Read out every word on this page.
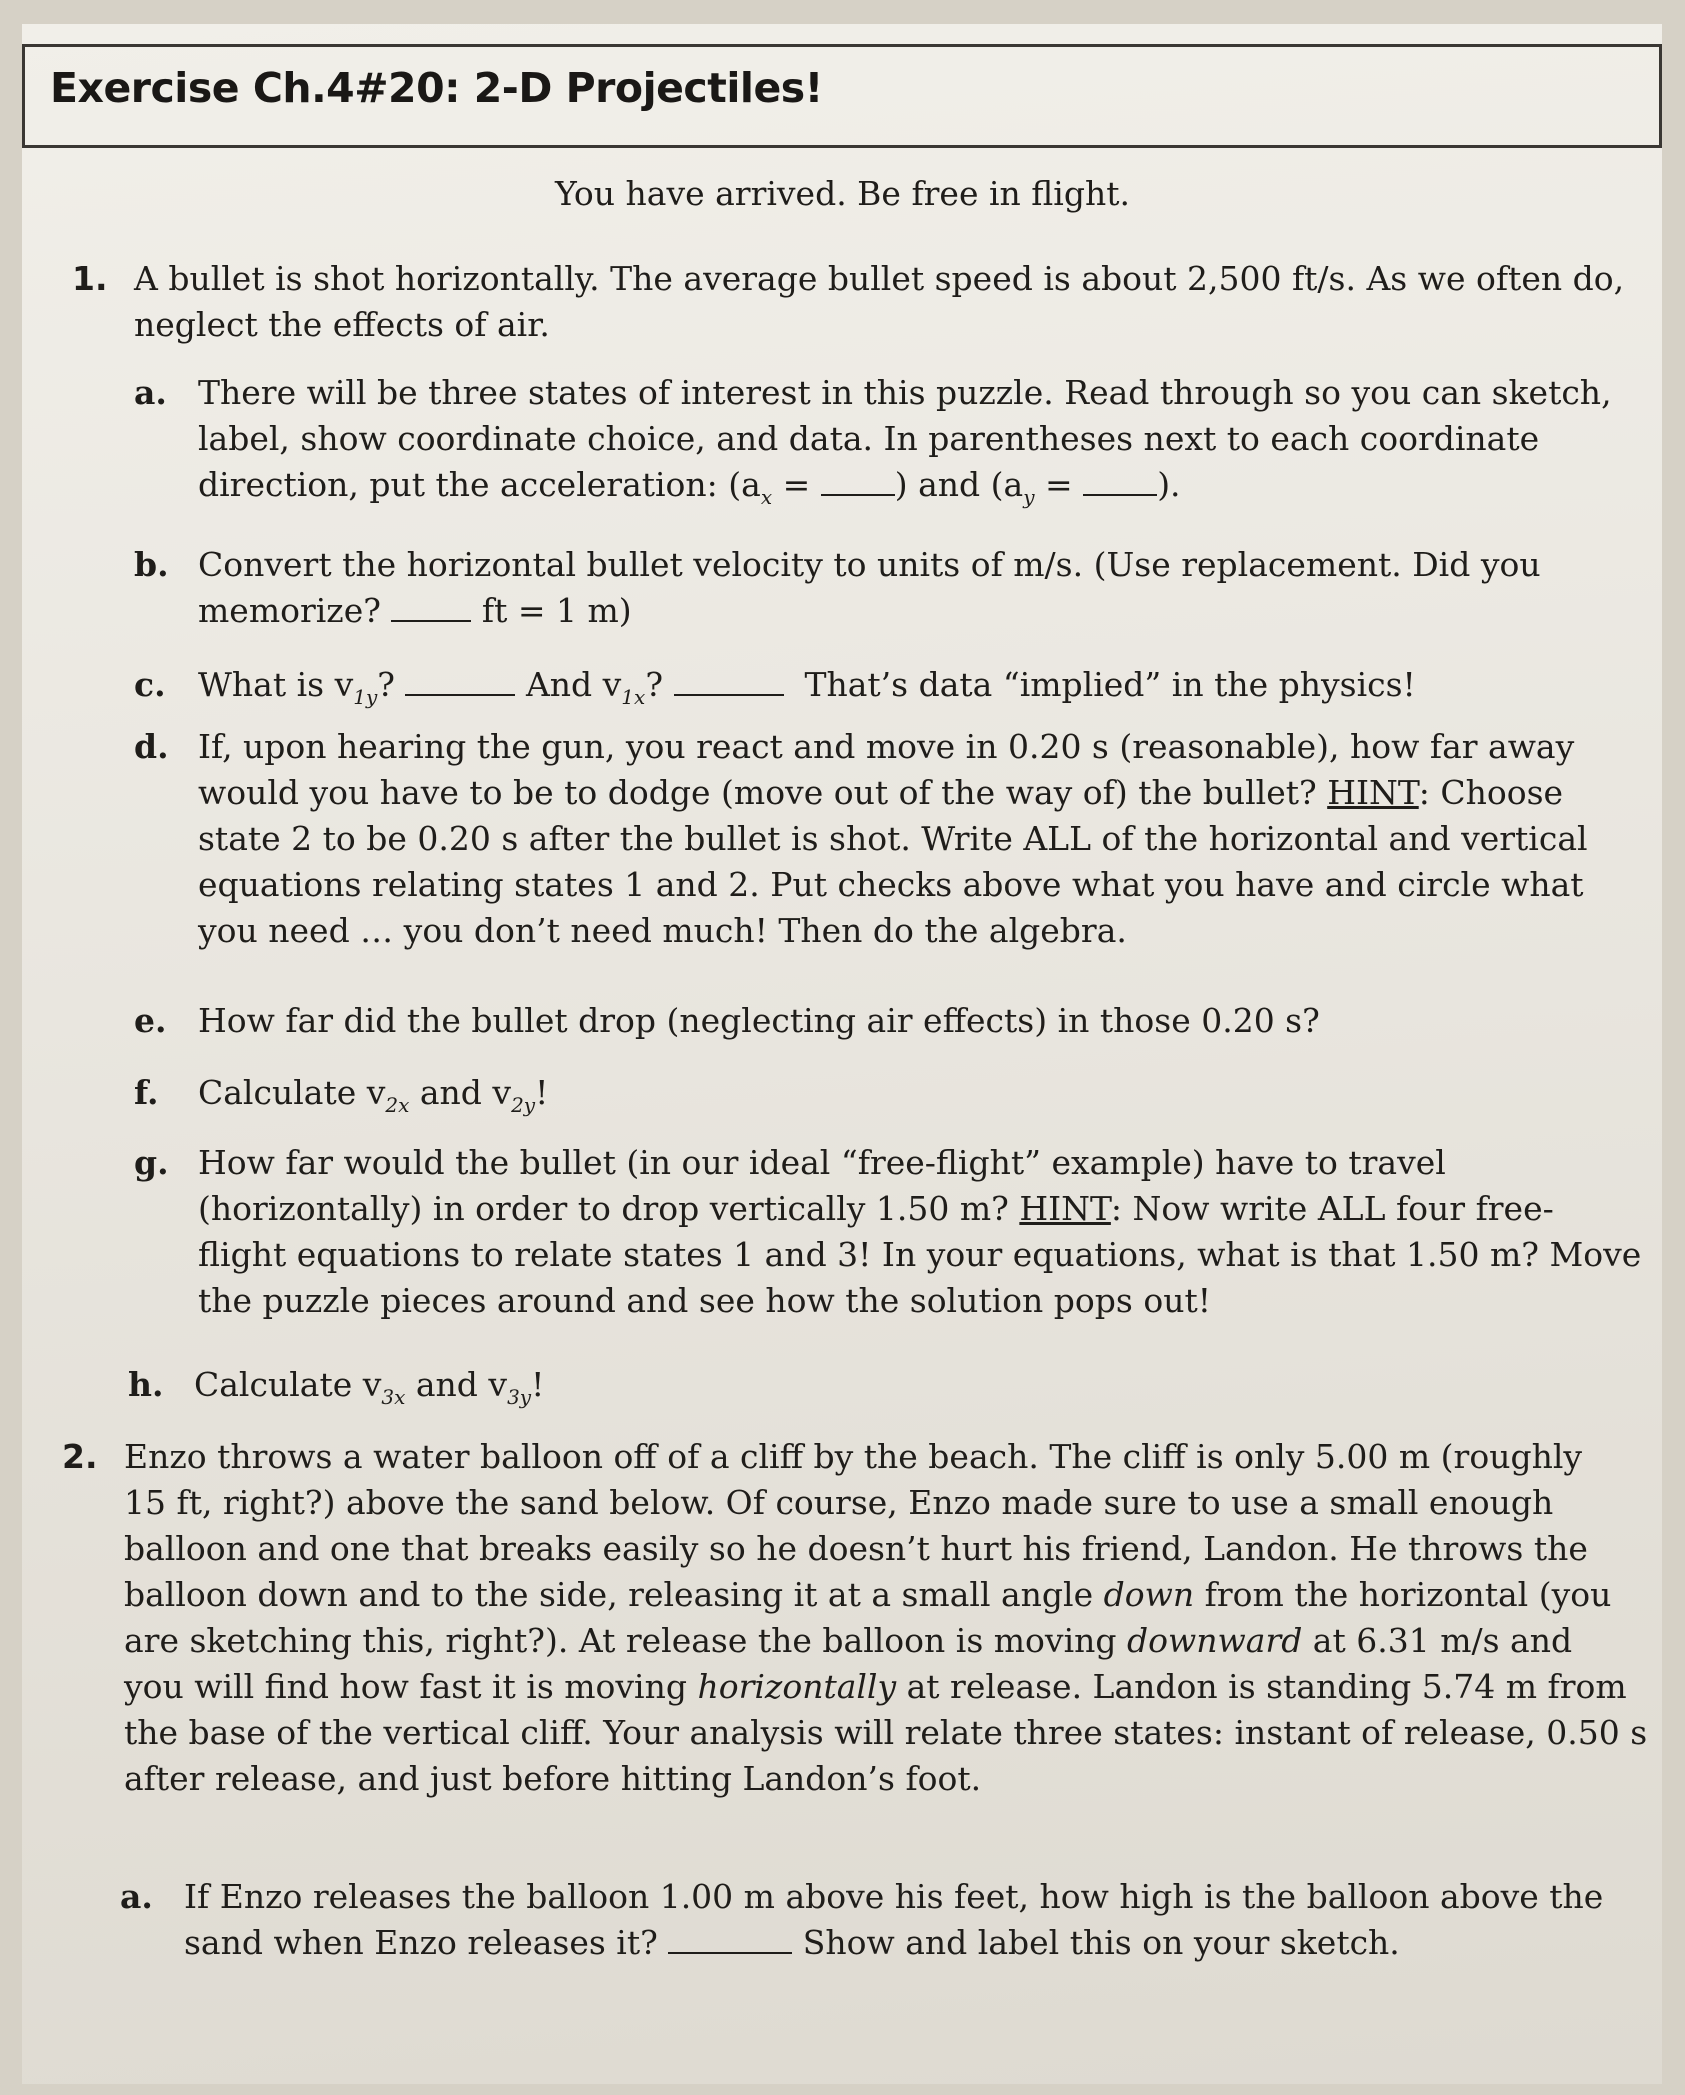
Exercise Ch.4#20: 2-D Projectiles!
You have arrived. Be free in flight.
1. A bullet is shot horizontally. The average bullet speed is about 2,500 ft/s. As we often do,
neglect the effects of air.
a. There will be three states of interest in this puzzle. Read through so you can sketch,
label, show coordinate choice, and data. In parentheses next to each coordinate
direction, put the acceleration: ($a_x$ = ) and ($a_y$ = ).
b. Convert the horizontal bullet velocity to units of m/s. (Use replacement. Did you
memorize?  ft = 1 m)
c. What is $v_{1y}$?	And $v_{1x}$?	That’s data “implied” in the physics!
d. If, upon hearing the gun, you react and move in 0.20 s (reasonable), how far away
would you have to be to dodge (move out of the way of) the bullet? HINT: Choose
state 2 to be 0.20 s after the bullet is shot. Write ALL of the horizontal and vertical
equations relating states 1 and 2. Put checks above what you have and circle what
you need … you don’t need much! Then do the algebra.
e. How far did the bullet drop (neglecting air effects) in those 0.20 s?
f. Calculate $v_{2x}$ and $v_{2y}$!
g. How far would the bullet (in our ideal “free-flight” example) have to travel
(horizontally) in order to drop vertically 1.50 m? HINT: Now write ALL four free-
flight equations to relate states 1 and 3! In your equations, what is that 1.50 m? Move
the puzzle pieces around and see how the solution pops out!
h. Calculate $v_{3x}$ and $v_{3y}$!
2. Enzo throws a water balloon off of a cliff by the beach. The cliff is only 5.00 m (roughly
15 ft, right?) above the sand below. Of course, Enzo made sure to use a small enough
balloon and one that breaks easily so he doesn’t hurt his friend, Landon. He throws the
balloon down and to the side, releasing it at a small angle down from the horizontal (you
are sketching this, right?). At release the balloon is moving downward at 6.31 m/s and
you will find how fast it is moving horizontally at release. Landon is standing 5.74 m from
the base of the vertical cliff. Your analysis will relate three states: instant of release, 0.50 s
after release, and just before hitting Landon’s foot.
a. If Enzo releases the balloon 1.00 m above his feet, how high is the balloon above the
sand when Enzo releases it?	Show and label this on your sketch.
